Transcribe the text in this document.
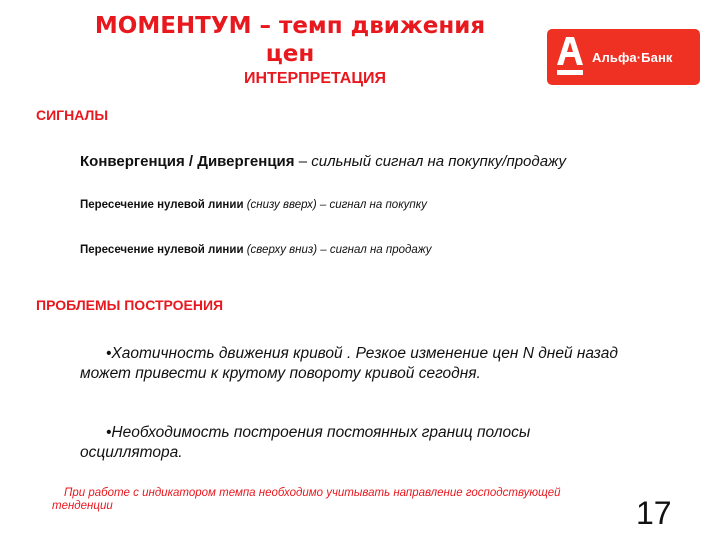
МОМЕНТУМ – темп движения цен

ИНТЕРПРЕТАЦИЯ

Альфа·Банк

СИГНАЛЫ

Конвергенция / Дивергенция – сильный сигнал на покупку/продажу

Пересечение нулевой линии (снизу вверх) – сигнал на покупку

Пересечение нулевой линии (сверху вниз) – сигнал на продажу

ПРОБЛЕМЫ ПОСТРОЕНИЯ

•Хаотичность движения кривой . Резкое изменение цен N дней назад может привести к крутому повороту кривой сегодня.

•Необходимость построения постоянных границ полосы осциллятора.

При работе с индикатором темпа необходимо учитывать направление господствующей тенденции	17
